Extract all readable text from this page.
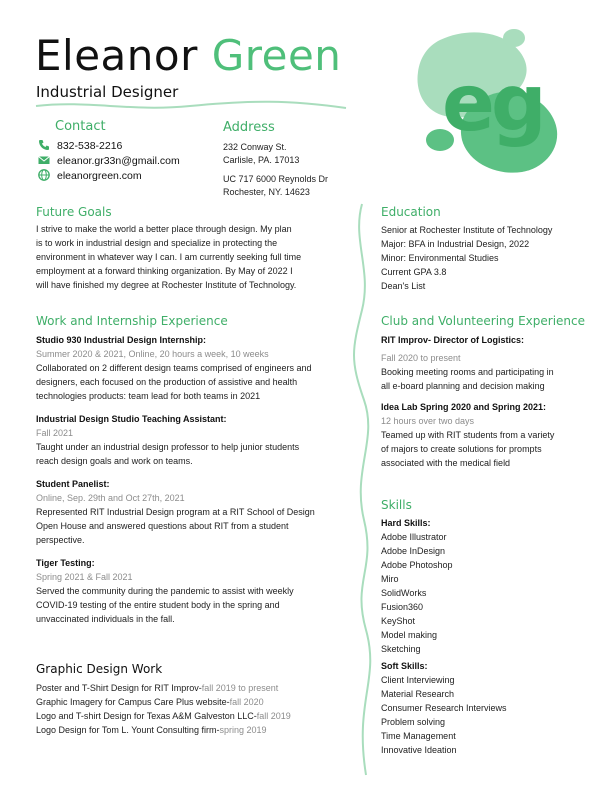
eg
Eleanor Green
Industrial Designer
Contact
832-538-2216
eleanor.gr33n@gmail.com
eleanorgreen.com
Address
232 Conway St.
Carlisle, PA. 17013
UC 717 6000 Reynolds Dr
Rochester, NY. 14623
Future Goals
I strive to make the world a better place through design. My plan
is to work in industrial design and specialize in protecting the
environment in whatever way I can. I am currently seeking full time
employment at a forward thinking organization. By May of 2022 I
will have finished my degree at Rochester Institute of Technology.
Work and Internship Experience
Studio 930 Industrial Design Internship:
Summer 2020 & 2021, Online, 20 hours a week, 10 weeks
Collaborated on 2 different design teams comprised of engineers and
designers, each focused on the production of assistive and health
technologies products: team lead for both teams in 2021
Industrial Design Studio Teaching Assistant:
Fall 2021
Taught under an industrial design professor to help junior students
reach design goals and work on teams.
Student Panelist:
Online, Sep. 29th and Oct 27th, 2021
Represented RIT Industrial Design program at a RIT School of Design
Open House and answered questions about RIT from a student
perspective.
Tiger Testing:
Spring 2021 & Fall 2021
Served the community during the pandemic to assist with weekly
COVID-19 testing of the entire student body in the spring and
unvaccinated individuals in the fall.
Graphic Design Work
Poster and T-Shirt Design for RIT Improv-fall 2019 to present
Graphic Imagery for Campus Care Plus website-fall 2020
Logo and T-shirt Design for Texas A&M Galveston LLC-fall 2019
Logo Design for Tom L. Yount Consulting firm-spring 2019
Education
Senior at Rochester Institute of Technology
Major: BFA in Industrial Design, 2022
Minor: Environmental Studies
Current GPA 3.8
Dean's List
Club and Volunteering Experience
RIT Improv- Director of Logistics:
Fall 2020 to present
Booking meeting rooms and participating in
all e-board planning and decision making
Idea Lab Spring 2020 and Spring 2021:
12 hours over two days
Teamed up with RIT students from a variety
of majors to create solutions for prompts
associated with the medical field
Skills
Hard Skills:
Adobe Illustrator
Adobe InDesign
Adobe Photoshop
Miro
SolidWorks
Fusion360
KeyShot
Model making
Sketching
Soft Skills:
Client Interviewing
Material Research
Consumer Research Interviews
Problem solving
Time Management
Innovative Ideation
